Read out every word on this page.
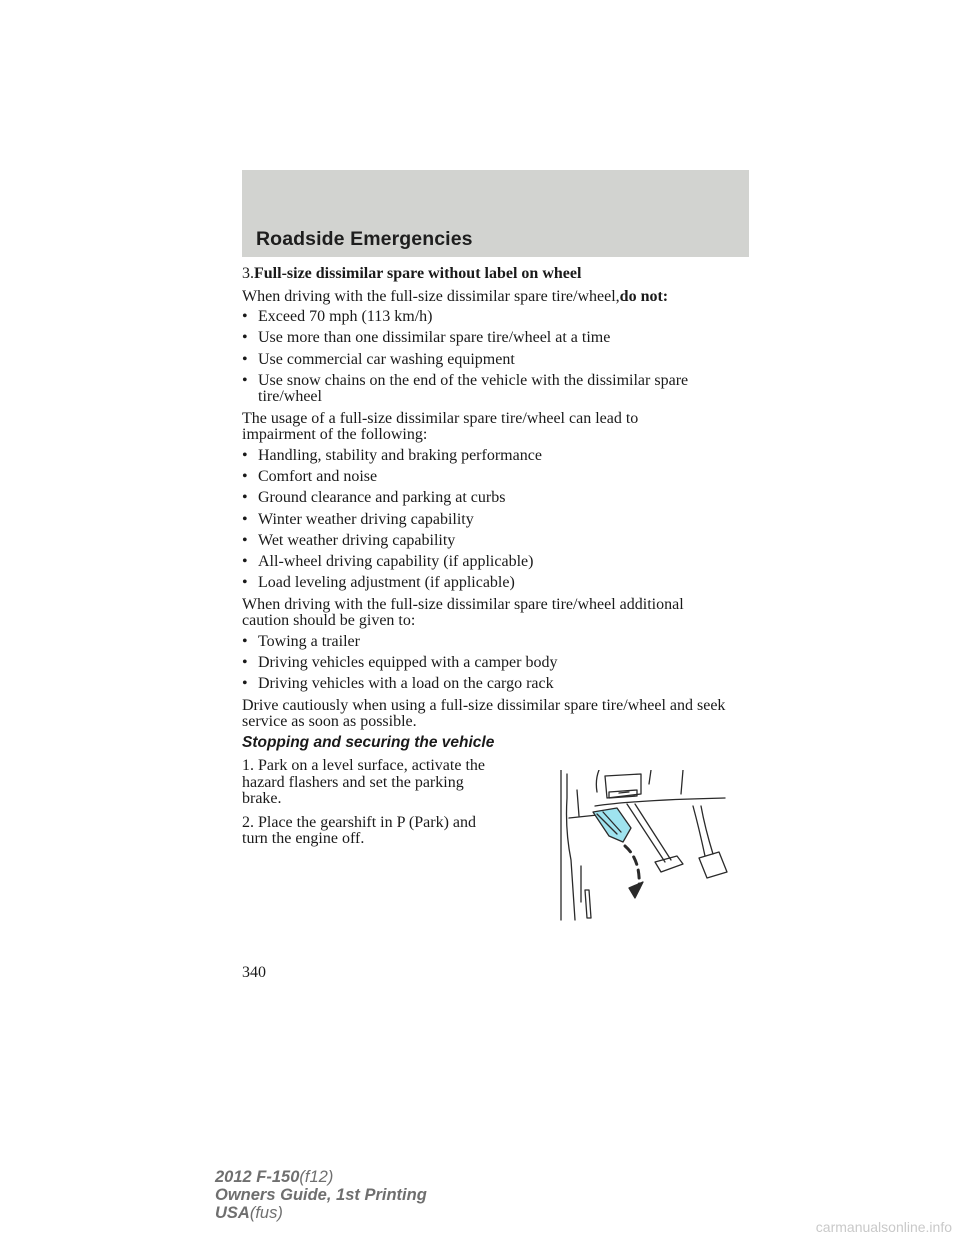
Roadside Emergencies

3.Full-size dissimilar spare without label on wheel

When driving with the full-size dissimilar spare tire/wheel,do not:

• Exceed 70 mph (113 km/h)
• Use more than one dissimilar spare tire/wheel at a time
• Use commercial car washing equipment
• Use snow chains on the end of the vehicle with the dissimilar spare tire/wheel

The usage of a full-size dissimilar spare tire/wheel can lead to impairment of the following:

• Handling, stability and braking performance
• Comfort and noise
• Ground clearance and parking at curbs
• Winter weather driving capability
• Wet weather driving capability
• All-wheel driving capability (if applicable)
• Load leveling adjustment (if applicable)

When driving with the full-size dissimilar spare tire/wheel additional caution should be given to:

• Towing a trailer
• Driving vehicles equipped with a camper body
• Driving vehicles with a load on the cargo rack

Drive cautiously when using a full-size dissimilar spare tire/wheel and seek service as soon as possible.

Stopping and securing the vehicle

1. Park on a level surface, activate the hazard flashers and set the parking brake.

2. Place the gearshift in P (Park) and turn the engine off.

340
2012 F-150(f12)
Owners Guide, 1st Printing
USA(fus)
carmanualsonline.info
